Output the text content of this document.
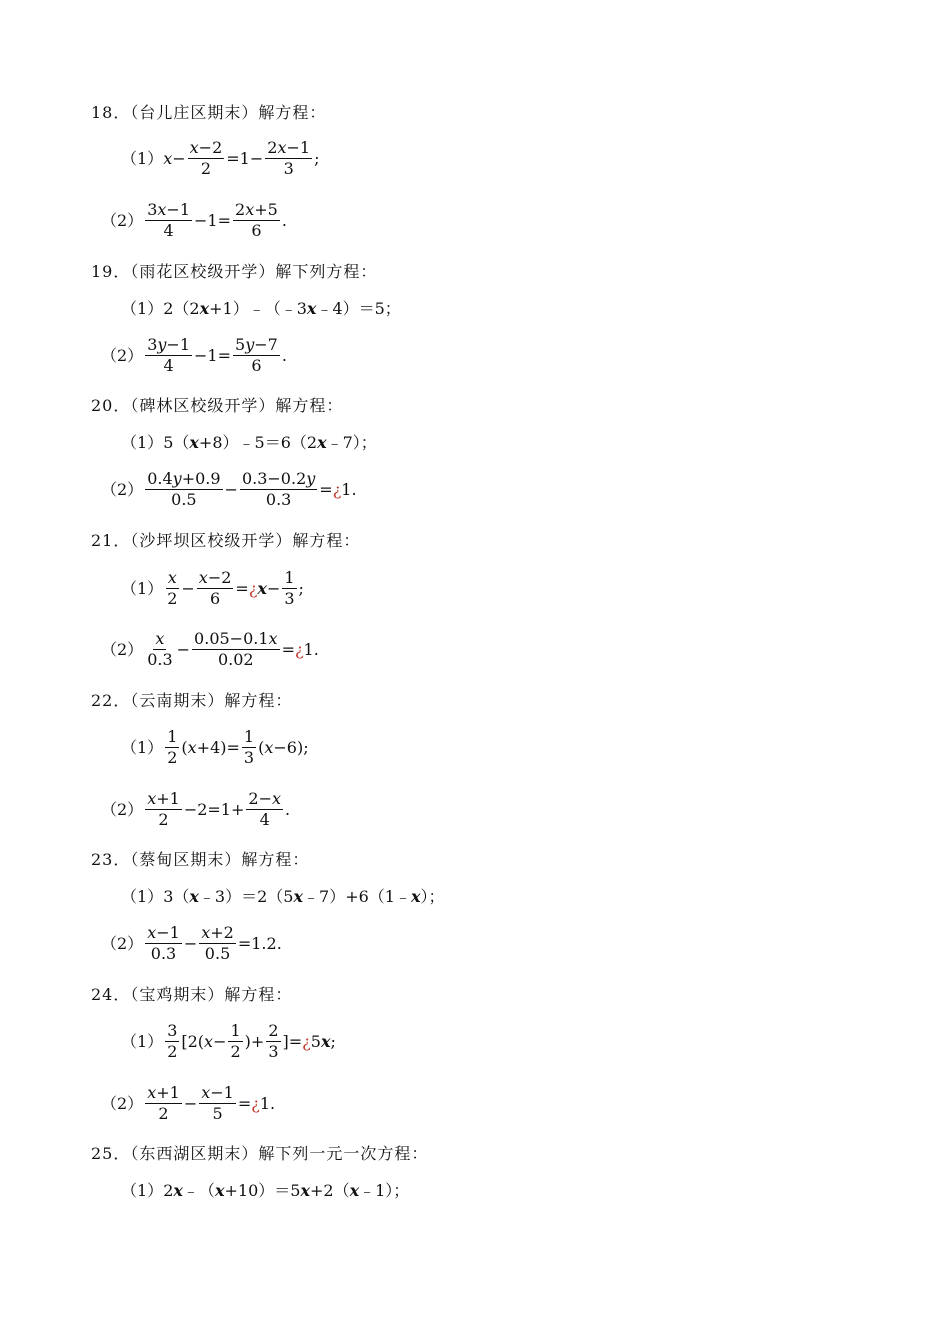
18．（台儿庄区期末）解方程：
（1） $x - \frac{x-2}{2} =1- \frac{2x-1}{3}$ ;
$(2) \frac{3x-1}{4} -1= \frac{2x+5}{6}$ .
19．（雨花区校级开学）解下列方程：
（1）2（2x+1）﹣（﹣3x﹣4）＝5；
$(2) \frac{3y-1}{4} -1= \frac{5y-7}{6}$ .
20．（碑林区校级开学）解方程：
（1）5（x+8）﹣5＝6（2x﹣7）；
$(2) \frac{0.4y+0.9}{0.5} - \frac{0.3-0.2y}{0.3}$ = ¿ 1.
21．（沙坪坝区校级开学）解方程：
$(1) \frac{x}{2} - \frac{x-2}{6}$ = ¿ $x - \frac{1}{3}$ ;
$(2) \frac{x}{0.3} - \frac{0.05-0.1x}{0.02}$ = ¿ 1.
22．（云南期末）解方程：
$(1) \frac{1}{2}$ ( $x +4)= \frac{1}{3}$ ( x −6);
$(2) \frac{x+1}{2} -2=1+ \frac{2-x}{4}$ .
23．（蔡甸区期末）解方程：
（1）3（x﹣3）＝2（5x﹣7）+6（1﹣x）；
$(2) \frac{x-1}{0.3} - \frac{x+2}{0.5} =1.2$.
24．（宝鸡期末）解方程：
$(1) \frac{3}{2} [2$( $x - \frac{1}{2}$ )+ $\frac{2}{3}$ ]= ¿ 5 x ;
$(2) \frac{x+1}{2} - \frac{x-1}{5}$ = ¿ 1.
25．（东西湖区期末）解下列一元一次方程：
（1）2x﹣（x+10）＝5x+2（x﹣1）；
